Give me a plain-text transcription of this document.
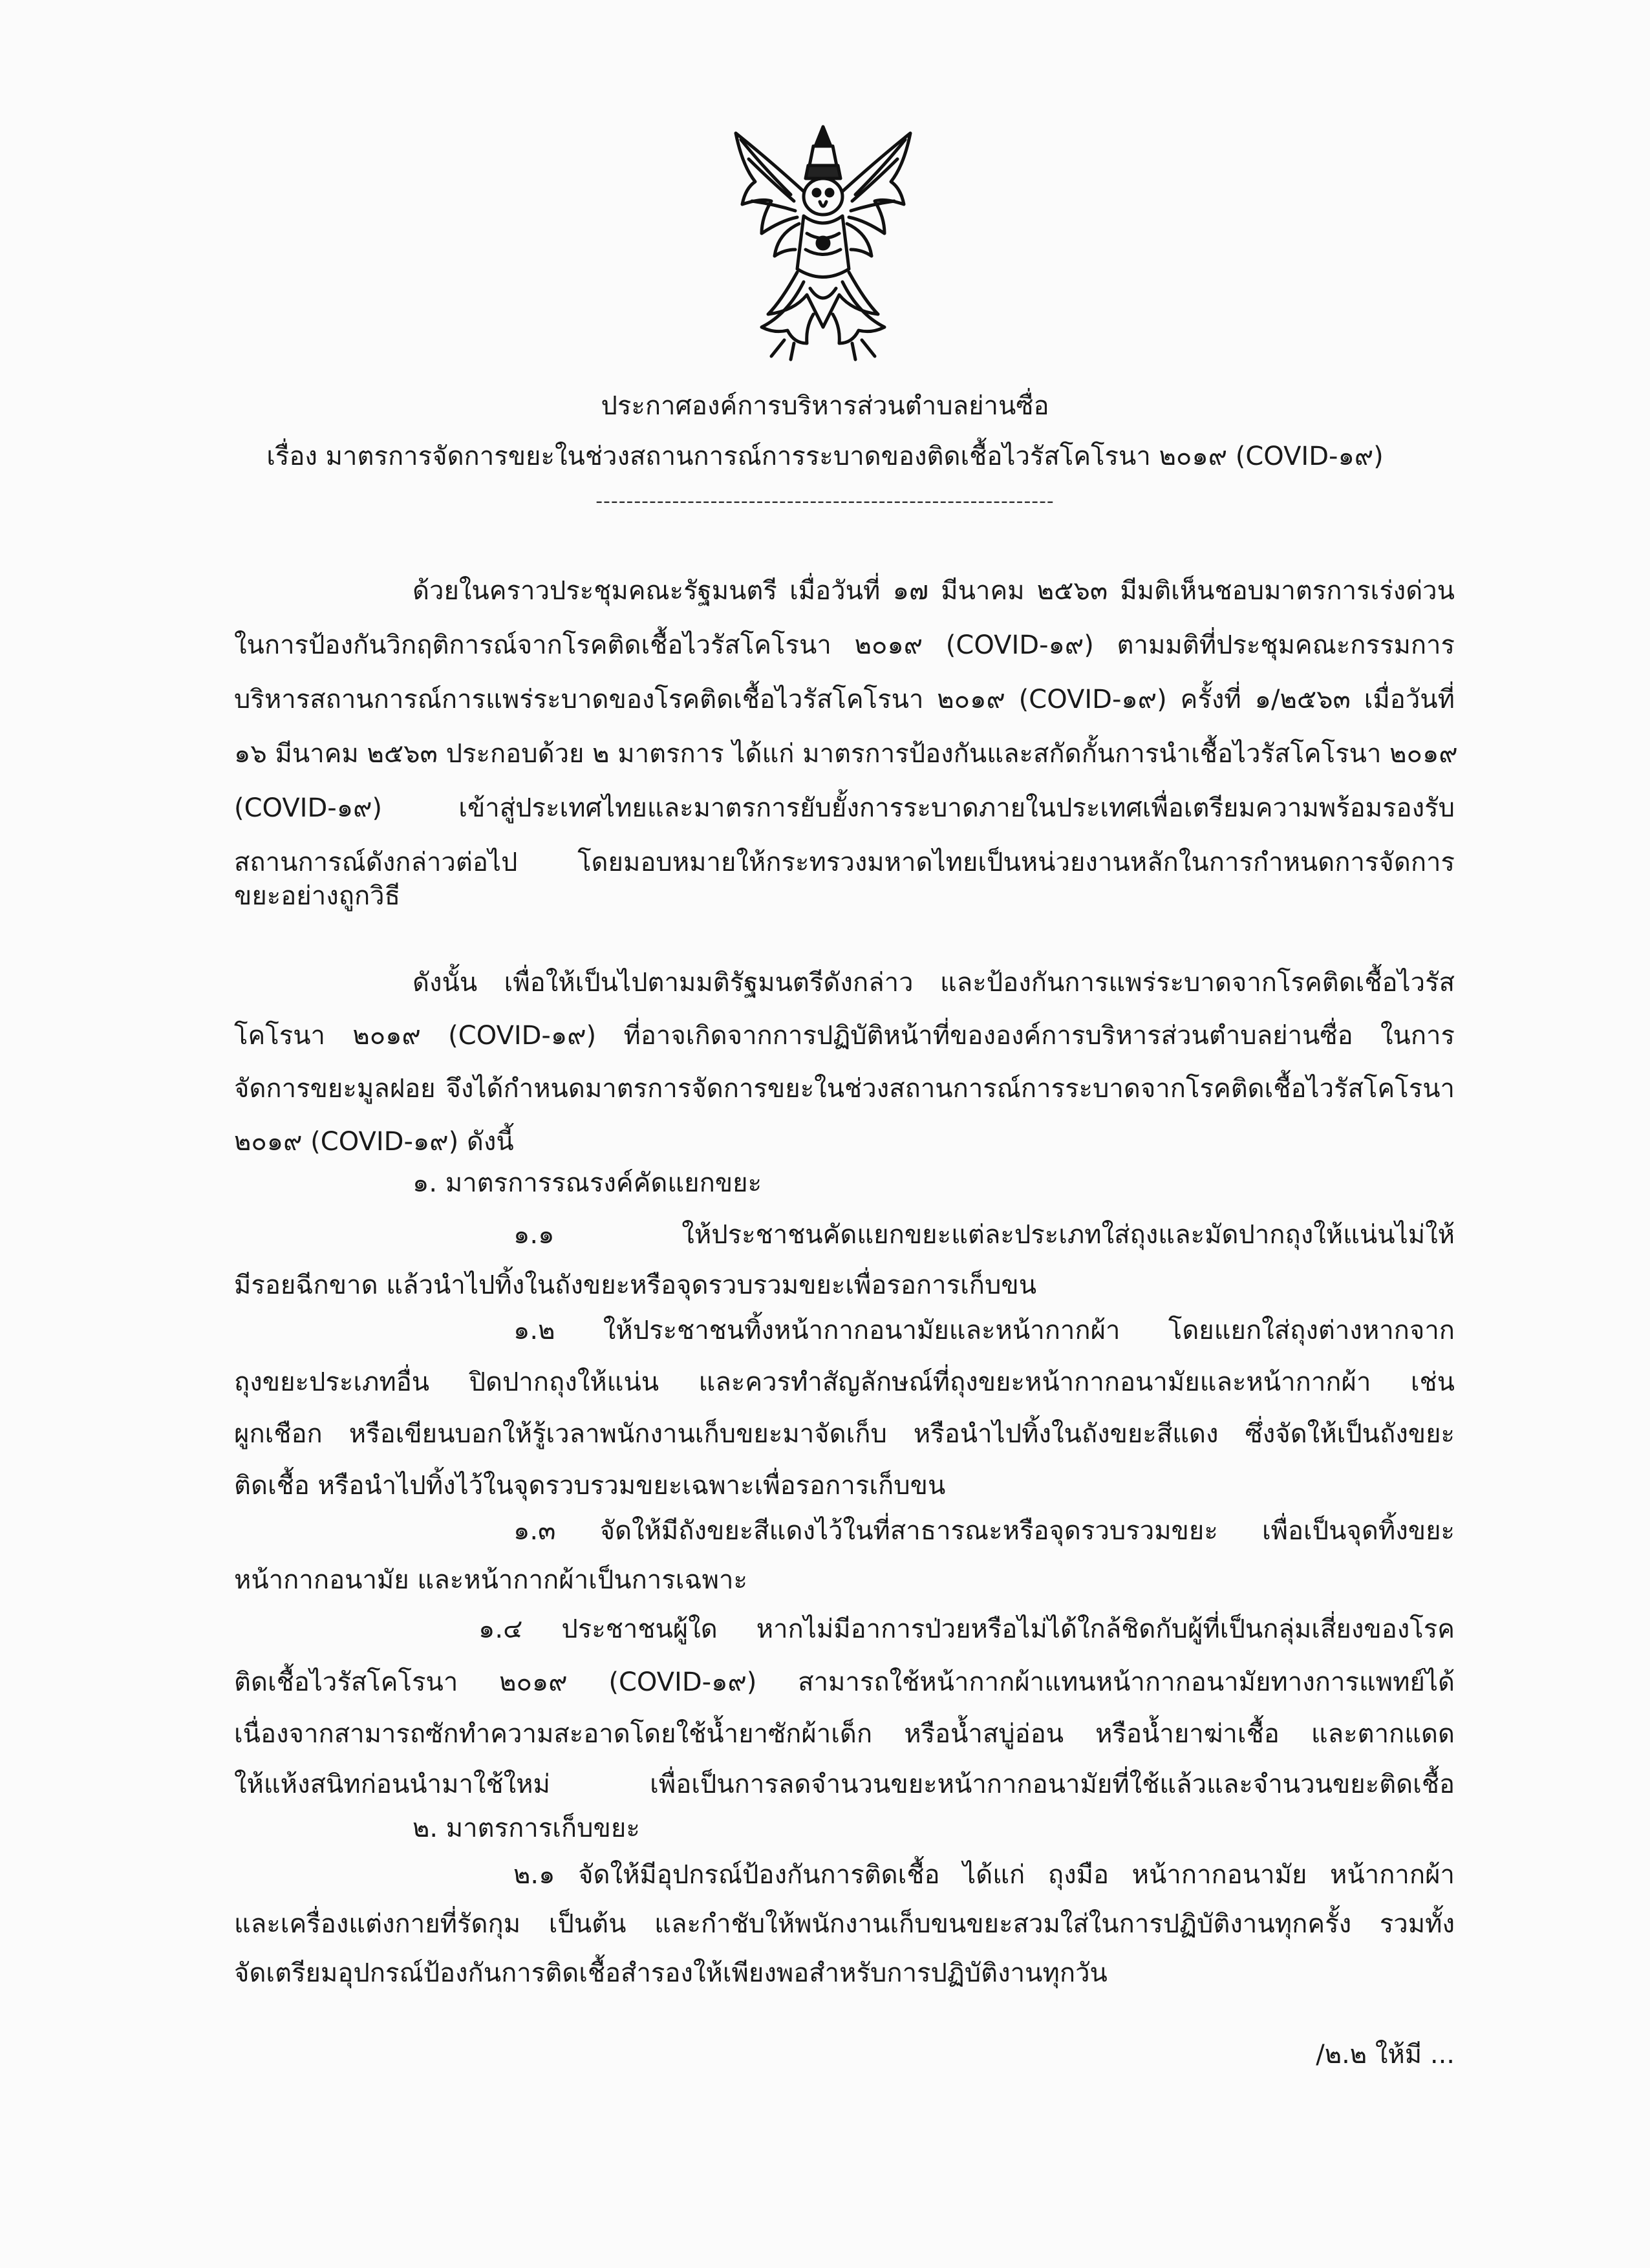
ประกาศองค์การบริหารส่วนตำบลย่านซื่อ
เรื่อง มาตรการจัดการขยะในช่วงสถานการณ์การระบาดของติดเชื้อไวรัสโคโรนา ๒๐๑๙ (COVID-๑๙)
------------------------------------------------------------
ด้วยในคราวประชุมคณะรัฐมนตรี เมื่อวันที่ ๑๗ มีนาคม ๒๕๖๓ มีมติเห็นชอบมาตรการเร่งด่วน
ในการป้องกันวิกฤติการณ์จากโรคติดเชื้อไวรัสโคโรนา ๒๐๑๙ (COVID-๑๙) ตามมติที่ประชุมคณะกรรมการ
บริหารสถานการณ์การแพร่ระบาดของโรคติดเชื้อไวรัสโคโรนา ๒๐๑๙ (COVID-๑๙) ครั้งที่ ๑/๒๕๖๓ เมื่อวันที่
๑๖ มีนาคม ๒๕๖๓ ประกอบด้วย ๒ มาตรการ ได้แก่ มาตรการป้องกันและสกัดกั้นการนำเชื้อไวรัสโคโรนา ๒๐๑๙
(COVID-๑๙) เข้าสู่ประเทศไทยและมาตรการยับยั้งการระบาดภายในประเทศเพื่อเตรียมความพร้อมรองรับ
สถานการณ์ดังกล่าวต่อไป โดยมอบหมายให้กระทรวงมหาดไทยเป็นหน่วยงานหลักในการกำหนดการจัดการ
ขยะอย่างถูกวิธี
ดังนั้น เพื่อให้เป็นไปตามมติรัฐมนตรีดังกล่าว และป้องกันการแพร่ระบาดจากโรคติดเชื้อไวรัส
โคโรนา ๒๐๑๙ (COVID-๑๙) ที่อาจเกิดจากการปฏิบัติหน้าที่ขององค์การบริหารส่วนตำบลย่านซื่อ ในการ
จัดการขยะมูลฝอย จึงได้กำหนดมาตรการจัดการขยะในช่วงสถานการณ์การระบาดจากโรคติดเชื้อไวรัสโคโรนา
๒๐๑๙ (COVID-๑๙) ดังนี้
๑. มาตรการรณรงค์คัดแยกขยะ
๑.๑ ให้ประชาชนคัดแยกขยะแต่ละประเภทใส่ถุงและมัดปากถุงให้แน่นไม่ให้
มีรอยฉีกขาด แล้วนำไปทิ้งในถังขยะหรือจุดรวบรวมขยะเพื่อรอการเก็บขน
๑.๒ ให้ประชาชนทิ้งหน้ากากอนามัยและหน้ากากผ้า โดยแยกใส่ถุงต่างหากจาก
ถุงขยะประเภทอื่น ปิดปากถุงให้แน่น และควรทำสัญลักษณ์ที่ถุงขยะหน้ากากอนามัยและหน้ากากผ้า เช่น
ผูกเชือก หรือเขียนบอกให้รู้เวลาพนักงานเก็บขยะมาจัดเก็บ หรือนำไปทิ้งในถังขยะสีแดง ซึ่งจัดให้เป็นถังขยะ
ติดเชื้อ หรือนำไปทิ้งไว้ในจุดรวบรวมขยะเฉพาะเพื่อรอการเก็บขน
๑.๓ จัดให้มีถังขยะสีแดงไว้ในที่สาธารณะหรือจุดรวบรวมขยะ เพื่อเป็นจุดทิ้งขยะ
หน้ากากอนามัย และหน้ากากผ้าเป็นการเฉพาะ
๑.๔ ประชาชนผู้ใด หากไม่มีอาการป่วยหรือไม่ได้ใกล้ชิดกับผู้ที่เป็นกลุ่มเสี่ยงของโรค
ติดเชื้อไวรัสโคโรนา ๒๐๑๙ (COVID-๑๙) สามารถใช้หน้ากากผ้าแทนหน้ากากอนามัยทางการแพทย์ได้
เนื่องจากสามารถซักทำความสะอาดโดยใช้น้ำยาซักผ้าเด็ก หรือน้ำสบู่อ่อน หรือน้ำยาฆ่าเชื้อ และตากแดด
ให้แห้งสนิทก่อนนำมาใช้ใหม่ เพื่อเป็นการลดจำนวนขยะหน้ากากอนามัยที่ใช้แล้วและจำนวนขยะติดเชื้อ
๒. มาตรการเก็บขยะ
๒.๑ จัดให้มีอุปกรณ์ป้องกันการติดเชื้อ ได้แก่ ถุงมือ หน้ากากอนามัย หน้ากากผ้า
และเครื่องแต่งกายที่รัดกุม เป็นต้น และกำชับให้พนักงานเก็บขนขยะสวมใส่ในการปฏิบัติงานทุกครั้ง รวมทั้ง
จัดเตรียมอุปกรณ์ป้องกันการติดเชื้อสำรองให้เพียงพอสำหรับการปฏิบัติงานทุกวัน
/๒.๒ ให้มี ...
